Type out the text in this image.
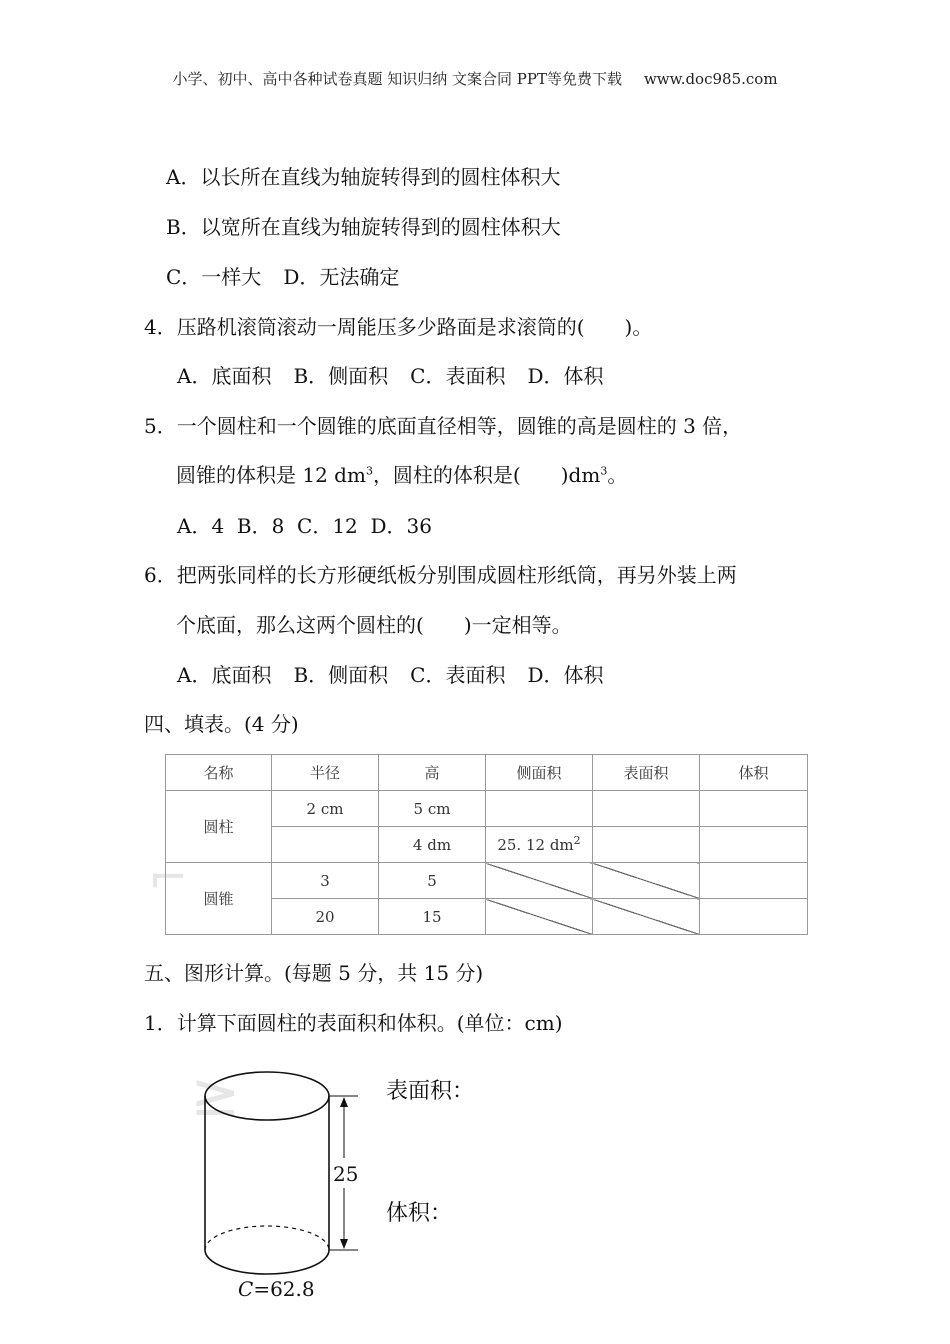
小学、初中、高中各种试卷真题 知识归纳 文案合同 PPT等免费下载 www.doc985.com
⌐
≥
A．以长所在直线为轴旋转得到的圆柱体积大
B．以宽所在直线为轴旋转得到的圆柱体积大
C．一样大 D．无法确定
4．压路机滚筒滚动一周能压多少路面是求滚筒的( )。
A．底面积 B．侧面积 C．表面积 D．体积
5．一个圆柱和一个圆锥的底面直径相等，圆锥的高是圆柱的 3 倍，
圆锥的体积是 12 $dm^3$，圆柱的体积是( )$dm^3$。
A．4  B．8  C．12  D．36
6．把两张同样的长方形硬纸板分别围成圆柱形纸筒，再另外装上两
个底面，那么这两个圆柱的( )一定相等。
A．底面积 B．侧面积 C．表面积 D．体积
四、填表。(4 分)
名称	半径	高	侧面积	表面积	体积
圆柱	2 cm	5 cm			
		4 dm	25. 12 $dm^2$		
圆锥	3	5			
	20	15			
五、图形计算。(每题 5 分，共 15 分)
1．计算下面圆柱的表面积和体积。(单位：cm)
25
C=62.8
表面积：
体积：
